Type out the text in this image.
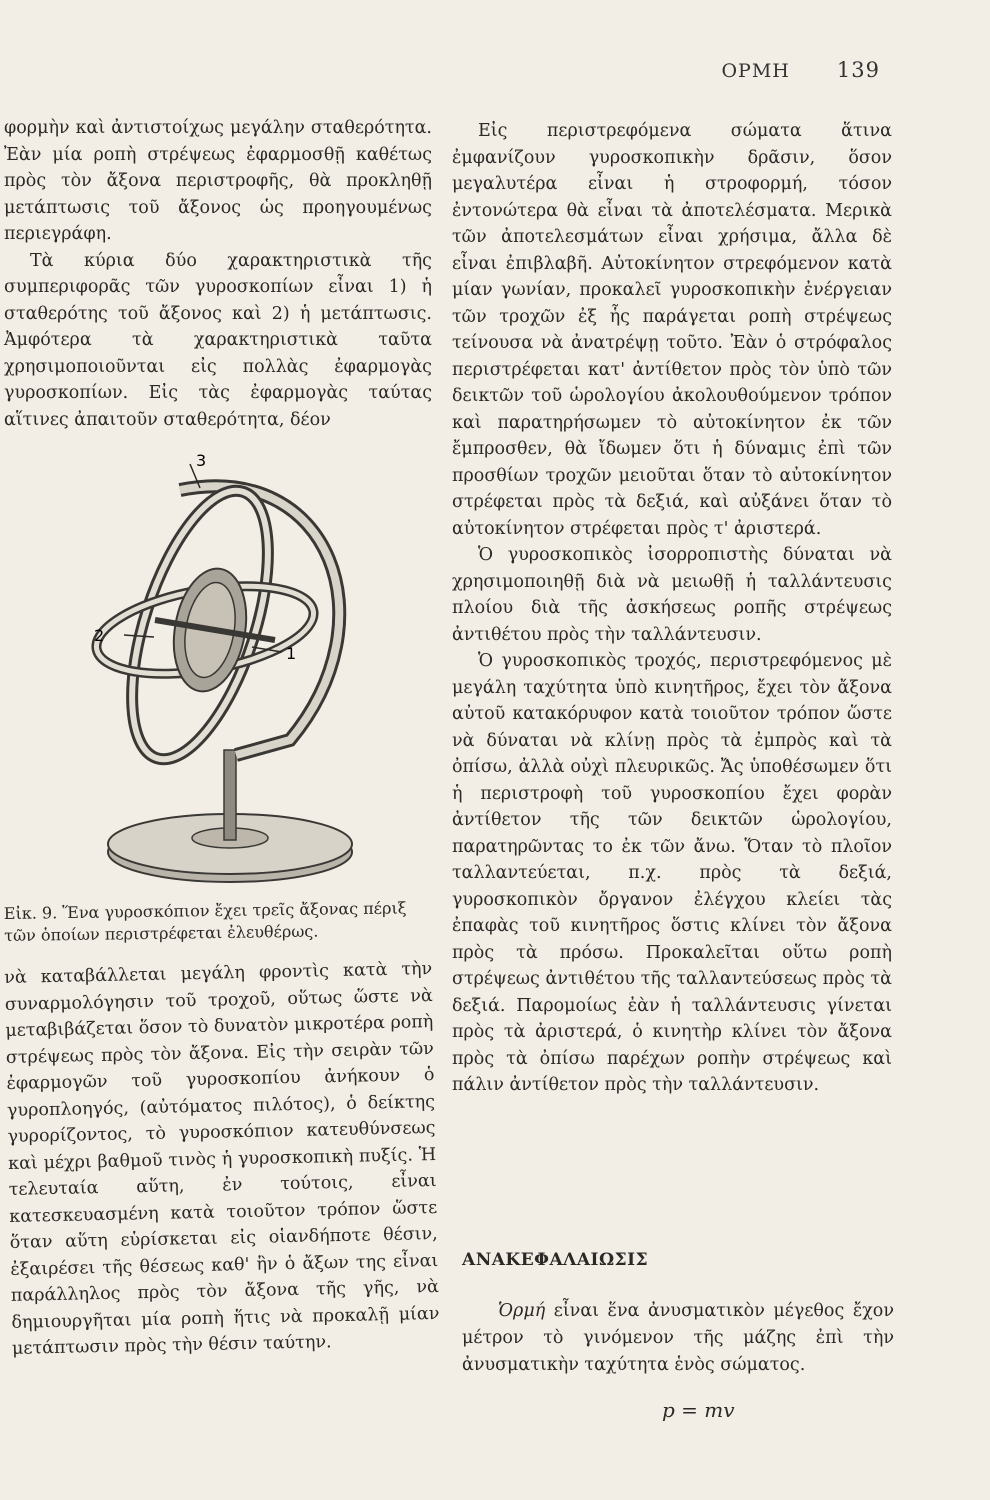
ΟΡΜΗ 139

φορμὴν καὶ ἀντιστοίχως μεγάλην σταθερότητα. Ἐὰν μία ροπὴ στρέψεως ἐφαρμοσθῇ καθέτως πρὸς τὸν ἄξονα περιστροφῆς, θὰ προκληθῇ μετάπτωσις τοῦ ἄξονος ὡς προηγουμένως περιεγράφη.

Τὰ κύρια δύο χαρακτηριστικὰ τῆς συμπεριφορᾶς τῶν γυροσκοπίων εἶναι 1) ἡ σταθερότης τοῦ ἄξονος καὶ 2) ἡ μετάπτωσις. Ἀμφότερα τὰ χαρακτηριστικὰ ταῦτα χρησιμοποιοῦνται εἰς πολλὰς ἐφαρμογὰς γυροσκοπίων. Εἰς τὰς ἐφαρμογὰς ταύτας αἵτινες ἀπαιτοῦν σταθερότητα, δέον

3
2
1
Εἰκ. 9. Ἕνα γυροσκόπιον ἔχει τρεῖς ἄξονας πέριξ τῶν ὁποίων περιστρέφεται ἐλευθέρως.

νὰ καταβάλλεται μεγάλη φροντὶς κατὰ τὴν συναρμολόγησιν τοῦ τροχοῦ, οὕτως ὥστε νὰ μεταβιβάζεται ὅσον τὸ δυνατὸν μικροτέρα ροπὴ στρέψεως πρὸς τὸν ἄξονα. Εἰς τὴν σειρὰν τῶν ἐφαρμογῶν τοῦ γυροσκοπίου ἀνήκουν ὁ γυροπλοηγός, (αὐτόματος πιλότος), ὁ δείκτης γυρορίζοντος, τὸ γυροσκόπιον κατευθύνσεως καὶ μέχρι βαθμοῦ τινὸς ἡ γυροσκοπικὴ πυξίς. Ἡ τελευταία αὕτη, ἐν τούτοις, εἶναι κατεσκευασμένη κατὰ τοιοῦτον τρόπον ὥστε ὅταν αὕτη εὑρίσκεται εἰς οἱανδήποτε θέσιν, ἐξαιρέσει τῆς θέσεως καθ' ἣν ὁ ἄξων της εἶναι παράλληλος πρὸς τὸν ἄξονα τῆς γῆς, νὰ δημιουργῆται μία ροπὴ ἥτις νὰ προκαλῇ μίαν μετάπτωσιν πρὸς τὴν θέσιν ταύτην.

Εἰς περιστρεφόμενα σώματα ἅτινα ἐμφανίζουν γυροσκοπικὴν δρᾶσιν, ὅσον μεγαλυτέρα εἶναι ἡ στροφορμή, τόσον ἐντονώτερα θὰ εἶναι τὰ ἀποτελέσματα. Μερικὰ τῶν ἀποτελεσμάτων εἶναι χρήσιμα, ἄλλα δὲ εἶναι ἐπιβλαβῆ. Αὐτοκίνητον στρεφόμενον κατὰ μίαν γωνίαν, προκαλεῖ γυροσκοπικὴν ἐνέργειαν τῶν τροχῶν ἐξ ἧς παράγεται ροπὴ στρέψεως τείνουσα νὰ ἀνατρέψῃ τοῦτο. Ἐὰν ὁ στρόφαλος περιστρέφεται κατ' ἀντίθετον πρὸς τὸν ὑπὸ τῶν δεικτῶν τοῦ ὡρολογίου ἀκολουθούμενον τρόπον καὶ παρατηρήσωμεν τὸ αὐτοκίνητον ἐκ τῶν ἔμπροσθεν, θὰ ἴδωμεν ὅτι ἡ δύναμις ἐπὶ τῶν προσθίων τροχῶν μειοῦται ὅταν τὸ αὐτοκίνητον στρέφεται πρὸς τὰ δεξιά, καὶ αὐξάνει ὅταν τὸ αὐτοκίνητον στρέφεται πρὸς τ' ἀριστερά.

Ὁ γυροσκοπικὸς ἰσορροπιστὴς δύναται νὰ χρησιμοποιηθῇ διὰ νὰ μειωθῇ ἡ ταλλάντευσις πλοίου διὰ τῆς ἀσκήσεως ροπῆς στρέψεως ἀντιθέτου πρὸς τὴν ταλλάντευσιν.

Ὁ γυροσκοπικὸς τροχός, περιστρεφόμενος μὲ μεγάλη ταχύτητα ὑπὸ κινητῆρος, ἔχει τὸν ἄξονα αὐτοῦ κατακόρυφον κατὰ τοιοῦτον τρόπον ὥστε νὰ δύναται νὰ κλίνῃ πρὸς τὰ ἐμπρὸς καὶ τὰ ὀπίσω, ἀλλὰ οὐχὶ πλευρικῶς. Ἄς ὑποθέσωμεν ὅτι ἡ περιστροφὴ τοῦ γυροσκοπίου ἔχει φορὰν ἀντίθετον τῆς τῶν δεικτῶν ὡρολογίου, παρατηρῶντας το ἐκ τῶν ἄνω. Ὅταν τὸ πλοῖον ταλλαντεύεται, π.χ. πρὸς τὰ δεξιά, γυροσκοπικὸν ὄργανον ἐλέγχου κλείει τὰς ἐπαφὰς τοῦ κινητῆρος ὅστις κλίνει τὸν ἄξονα πρὸς τὰ πρόσω. Προκαλεῖται οὕτω ροπὴ στρέψεως ἀντιθέτου τῆς ταλλαντεύσεως πρὸς τὰ δεξιά. Παρομοίως ἐὰν ἡ ταλλάντευσις γίνεται πρὸς τὰ ἀριστερά, ὁ κινητὴρ κλίνει τὸν ἄξονα πρὸς τὰ ὀπίσω παρέχων ροπὴν στρέψεως καὶ πάλιν ἀντίθετον πρὸς τὴν ταλλάντευσιν.

ΑΝΑΚΕΦΑΛΑΙΩΣΙΣ

Ὁρμή εἶναι ἕνα ἀνυσματικὸν μέγεθος ἔχον μέτρον τὸ γινόμενον τῆς μάζης ἐπὶ τὴν ἀνυσματικὴν ταχύτητα ἑνὸς σώματος.

p = mv
